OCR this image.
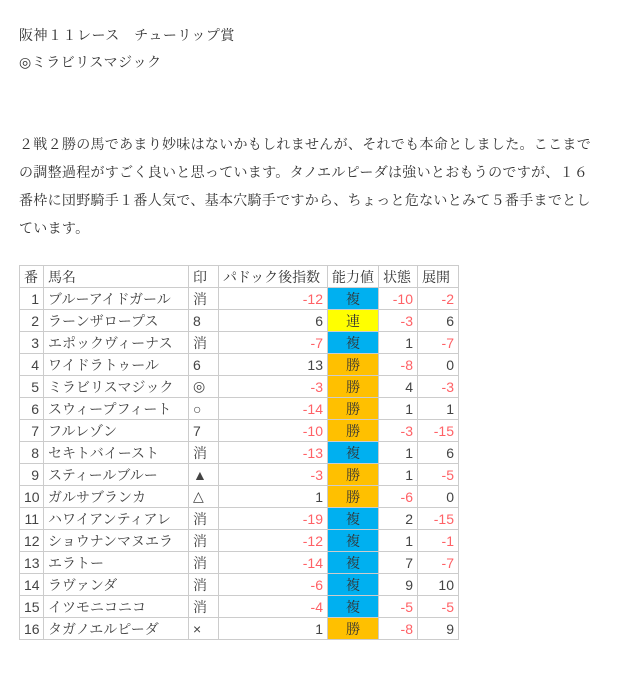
阪神１１レース　チューリップ賞
◎ミラビリスマジック
２戦２勝の馬であまり妙味はないかもしれませんが、それでも本命としました。ここまで
の調整過程がすごく良いと思っています。タノエルピーダは強いとおもうのですが、１６
番枠に団野騎手１番人気で、基本穴騎手ですから、ちょっと危ないとみて５番手までとし
ています。
番	馬名	印	パドック後指数	能力値	状態	展開
1	ブルーアイドガール	消	-12	複	-10	-2
2	ラーンザロープス	8	6	連	-3	6
3	エポックヴィーナス	消	-7	複	1	-7
4	ワイドラトゥール	6	13	勝	-8	0
5	ミラビリスマジック	◎	-3	勝	4	-3
6	スウィープフィート	○	-14	勝	1	1
7	フルレゾン	7	-10	勝	-3	-15
8	セキトバイースト	消	-13	複	1	6
9	スティールブルー	▲	-3	勝	1	-5
10	ガルサブランカ	△	1	勝	-6	0
11	ハワイアンティアレ	消	-19	複	2	-15
12	ショウナンマヌエラ	消	-12	複	1	-1
13	エラトー	消	-14	複	7	-7
14	ラヴァンダ	消	-6	複	9	10
15	イツモニコニコ	消	-4	複	-5	-5
16	タガノエルピーダ	×	1	勝	-8	9
